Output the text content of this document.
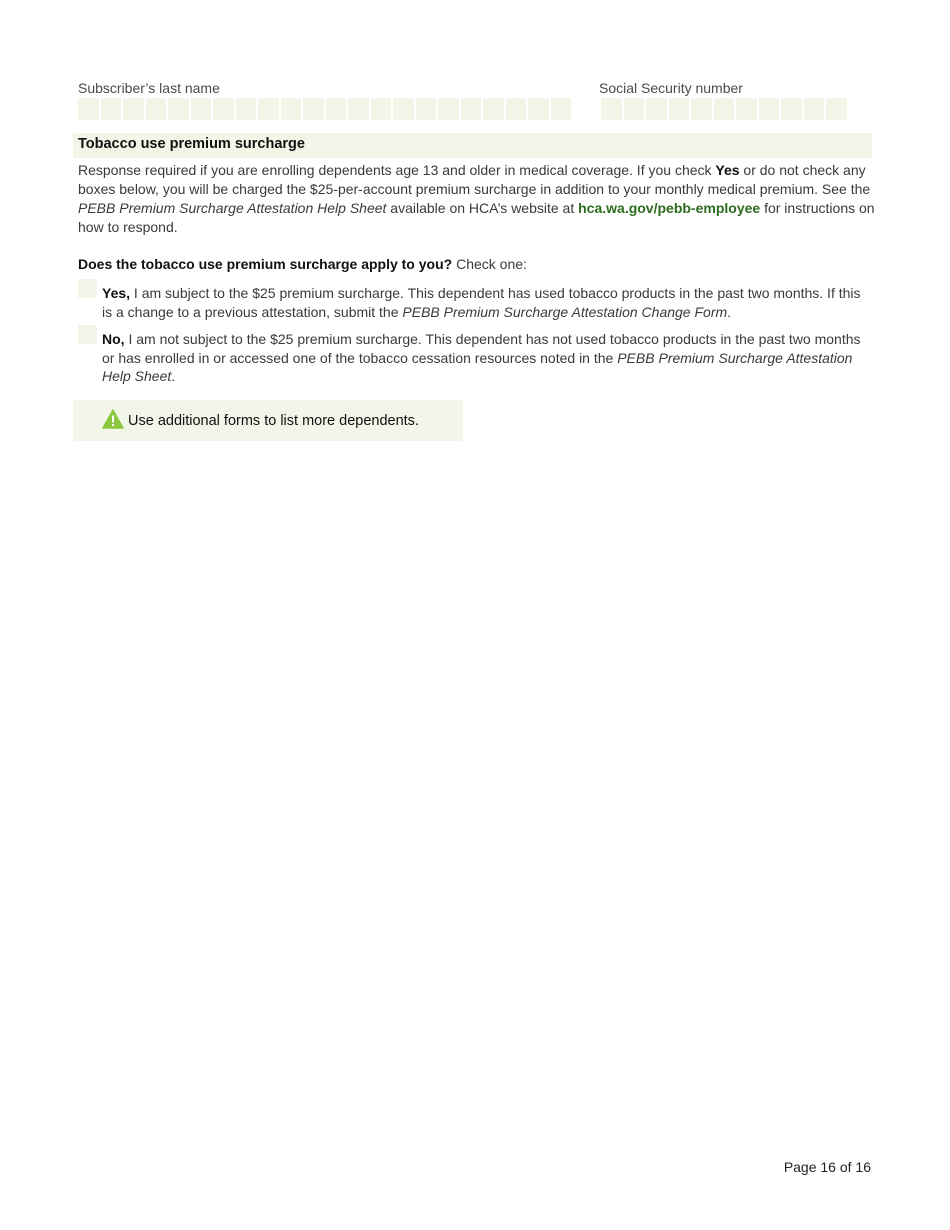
Subscriber’s last name	Social Security number
Tobacco use premium surcharge
Response required if you are enrolling dependents age 13 and older in medical coverage. If you check Yes or do not check any boxes below, you will be charged the $25-per-account premium surcharge in addition to your monthly medical premium. See the PEBB Premium Surcharge Attestation Help Sheet available on HCA’s website at hca.wa.gov/pebb-employee for instructions on how to respond.
Does the tobacco use premium surcharge apply to you? Check one:
Yes, I am subject to the $25 premium surcharge. This dependent has used tobacco products in the past two months. If this is a change to a previous attestation, submit the PEBB Premium Surcharge Attestation Change Form.
No, I am not subject to the $25 premium surcharge. This dependent has not used tobacco products in the past two months or has enrolled in or accessed one of the tobacco cessation resources noted in the PEBB Premium Surcharge Attestation Help Sheet.
Use additional forms to list more dependents.
Page 16 of 16
